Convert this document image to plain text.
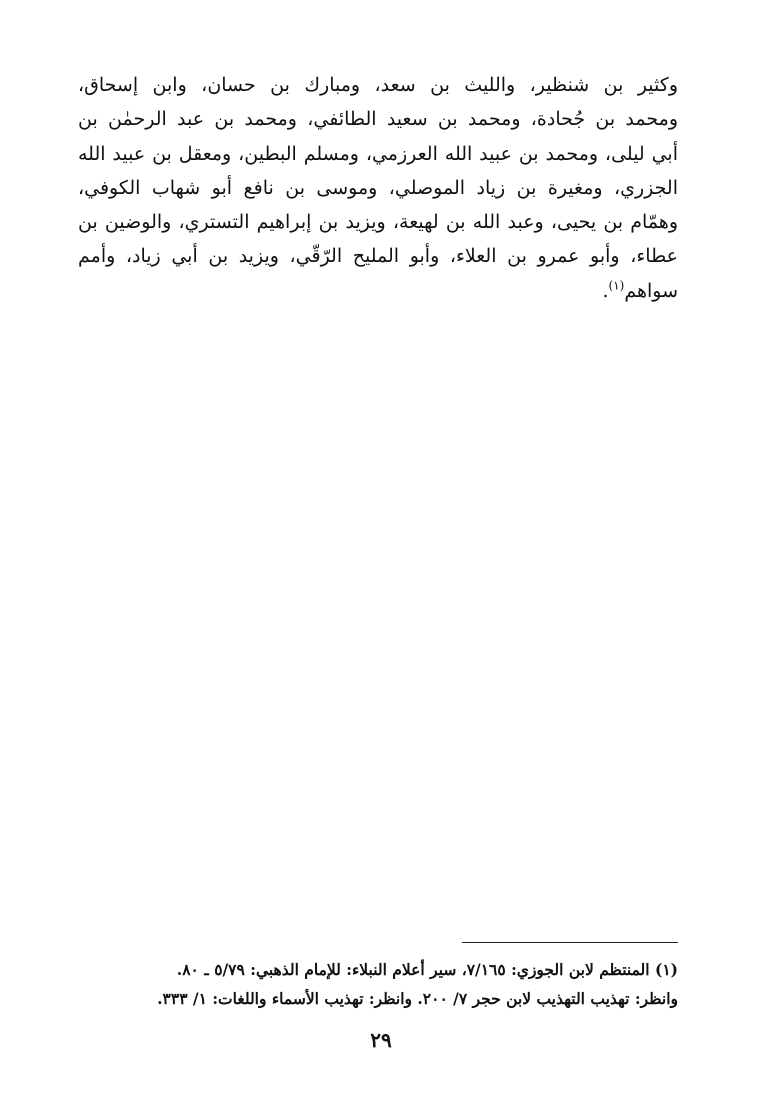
وكثير بن شنظير، والليث بن سعد، ومبارك بن حسان، وابن إسحاق،
ومحمد بن جُحادة، ومحمد بن سعيد الطائفي، ومحمد بن عبد الرحمٰن بن
أبي ليلى، ومحمد بن عبيد الله العرزمي، ومسلم البطين، ومعقل بن عبيد الله
الجزري، ومغيرة بن زياد الموصلي، وموسى بن نافع أبو شهاب الكوفي،
وهمّام بن يحيى، وعبد الله بن لهيعة، ويزيد بن إبراهيم التستري، والوضين بن
عطاء، وأبو عمرو بن العلاء، وأبو المليح الرّقّي، ويزيد بن أبي زياد، وأمم
سواهم$^{(١)}$.
(١) المنتظم لابن الجوزي: ٧/١٦٥، سير أعلام النبلاء: للإمام الذهبي: ٥/٧٩ ـ ٨٠.
وانظر: تهذيب التهذيب لابن حجر ٧/ ٢٠٠. وانظر: تهذيب الأسماء واللغات: ١/ ٣٣٣.
٢٩
